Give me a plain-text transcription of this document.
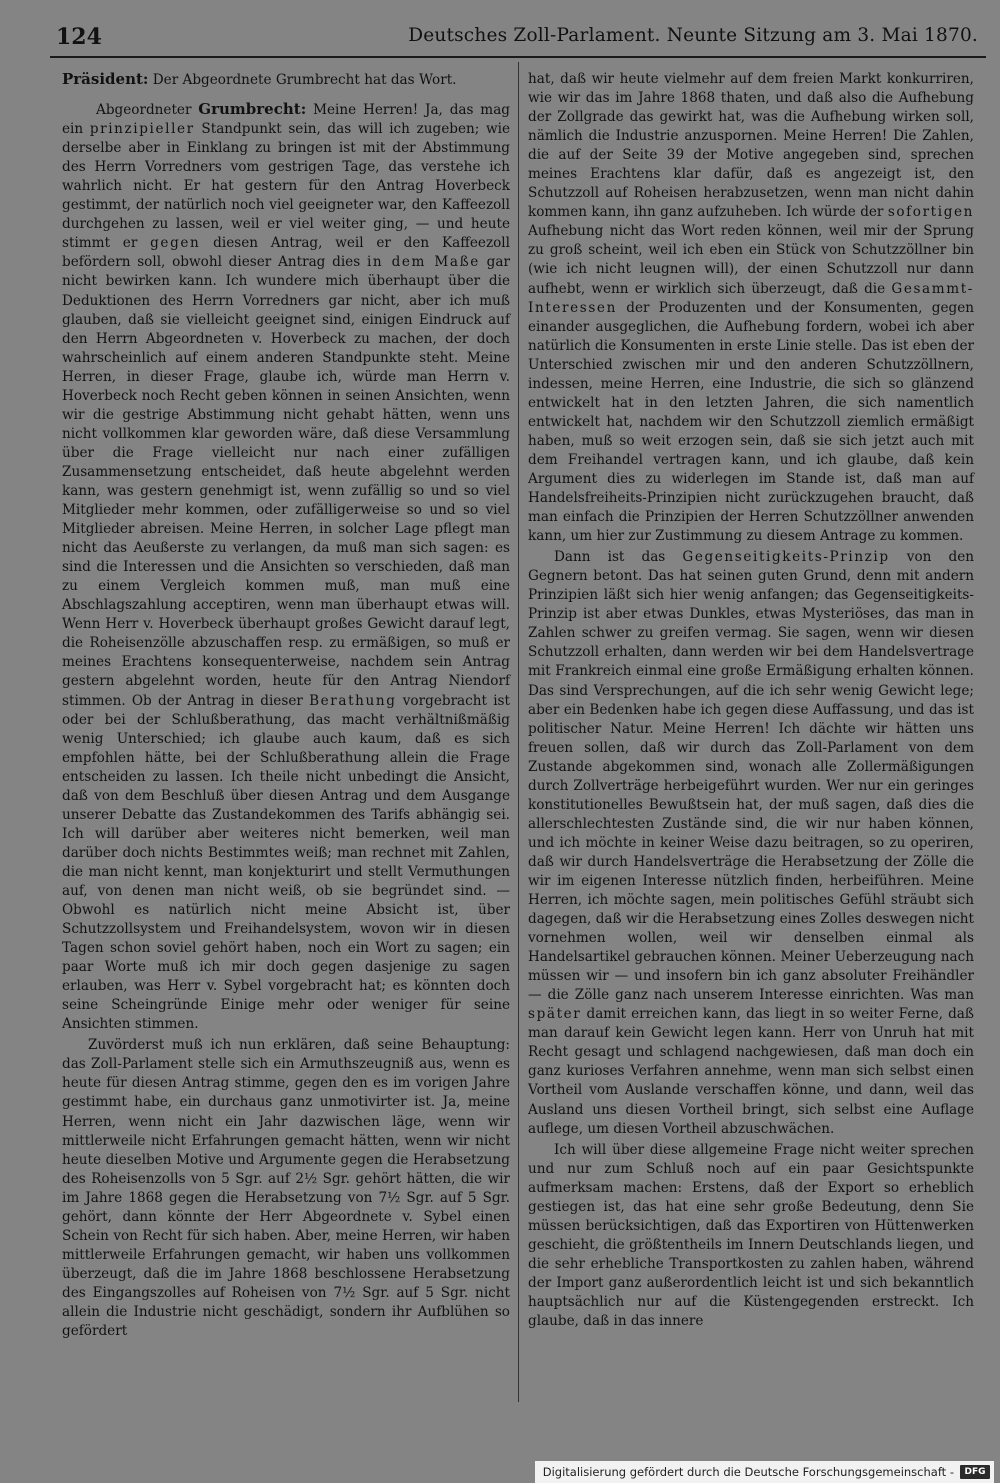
124	Deutsches Zoll-Parlament. Neunte Sitzung am 3. Mai 1870.

Präsident: Der Abgeordnete Grumbrecht hat das Wort.

Abgeordneter Grumbrecht: Meine Herren! Ja, das mag ein prinzipieller Standpunkt sein, das will ich zugeben; wie derselbe aber in Einklang zu bringen ist mit der Abstimmung des Herrn Vorredners vom gestrigen Tage, das verstehe ich wahrlich nicht. Er hat gestern für den Antrag Hoverbeck gestimmt, der natürlich noch viel geeigneter war, den Kaffeezoll durchgehen zu lassen, weil er viel weiter ging, — und heute stimmt er gegen diesen Antrag, weil er den Kaffeezoll befördern soll, obwohl dieser Antrag dies in dem Maße gar nicht bewirken kann. Ich wundere mich überhaupt über die Deduktionen des Herrn Vorredners gar nicht, aber ich muß glauben, daß sie vielleicht geeignet sind, einigen Eindruck auf den Herrn Abgeordneten v. Hoverbeck zu machen, der doch wahrscheinlich auf einem anderen Standpunkte steht. Meine Herren, in dieser Frage, glaube ich, würde man Herrn v. Hoverbeck noch Recht geben können in seinen Ansichten, wenn wir die gestrige Abstimmung nicht gehabt hätten, wenn uns nicht vollkommen klar geworden wäre, daß diese Versammlung über die Frage vielleicht nur nach einer zufälligen Zusammensetzung entscheidet, daß heute abgelehnt werden kann, was gestern genehmigt ist, wenn zufällig so und so viel Mitglieder mehr kommen, oder zufälligerweise so und so viel Mitglieder abreisen. Meine Herren, in solcher Lage pflegt man nicht das Aeußerste zu verlangen, da muß man sich sagen: es sind die Interessen und die Ansichten so verschieden, daß man zu einem Vergleich kommen muß, man muß eine Abschlagszahlung acceptiren, wenn man überhaupt etwas will. Wenn Herr v. Hoverbeck überhaupt großes Gewicht darauf legt, die Roheisenzölle abzuschaffen resp. zu ermäßigen, so muß er meines Erachtens konsequenterweise, nachdem sein Antrag gestern abgelehnt worden, heute für den Antrag Niendorf stimmen. Ob der Antrag in dieser Berathung vorgebracht ist oder bei der Schlußberathung, das macht verhältnißmäßig wenig Unterschied; ich glaube auch kaum, daß es sich empfohlen hätte, bei der Schlußberathung allein die Frage entscheiden zu lassen. Ich theile nicht unbedingt die Ansicht, daß von dem Beschluß über diesen Antrag und dem Ausgange unserer Debatte das Zustandekommen des Tarifs abhängig sei. Ich will darüber aber weiteres nicht bemerken, weil man darüber doch nichts Bestimmtes weiß; man rechnet mit Zahlen, die man nicht kennt, man konjekturirt und stellt Vermuthungen auf, von denen man nicht weiß, ob sie begründet sind. — Obwohl es natürlich nicht meine Absicht ist, über Schutzzollsystem und Freihandelsystem, wovon wir in diesen Tagen schon soviel gehört haben, noch ein Wort zu sagen; ein paar Worte muß ich mir doch gegen dasjenige zu sagen erlauben, was Herr v. Sybel vorgebracht hat; es könnten doch seine Scheingründe Einige mehr oder weniger für seine Ansichten stimmen.

Zuvörderst muß ich nun erklären, daß seine Behauptung: das Zoll-Parlament stelle sich ein Armuthszeugniß aus, wenn es heute für diesen Antrag stimme, gegen den es im vorigen Jahre gestimmt habe, ein durchaus ganz unmotivirter ist. Ja, meine Herren, wenn nicht ein Jahr dazwischen läge, wenn wir mittlerweile nicht Erfahrungen gemacht hätten, wenn wir nicht heute dieselben Motive und Argumente gegen die Herabsetzung des Roheisenzolls von 5 Sgr. auf 2½ Sgr. gehört hätten, die wir im Jahre 1868 gegen die Herabsetzung von 7½ Sgr. auf 5 Sgr. gehört, dann könnte der Herr Abgeordnete v. Sybel einen Schein von Recht für sich haben. Aber, meine Herren, wir haben mittlerweile Erfahrungen gemacht, wir haben uns vollkommen überzeugt, daß die im Jahre 1868 beschlossene Herabsetzung des Eingangszolles auf Roheisen von 7½ Sgr. auf 5 Sgr. nicht allein die Industrie nicht geschädigt, sondern ihr Aufblühen so gefördert

hat, daß wir heute vielmehr auf dem freien Markt konkurriren, wie wir das im Jahre 1868 thaten, und daß also die Aufhebung der Zollgrade das gewirkt hat, was die Aufhebung wirken soll, nämlich die Industrie anzuspornen. Meine Herren! Die Zahlen, die auf der Seite 39 der Motive angegeben sind, sprechen meines Erachtens klar dafür, daß es angezeigt ist, den Schutzzoll auf Roheisen herabzusetzen, wenn man nicht dahin kommen kann, ihn ganz aufzuheben. Ich würde der sofortigen Aufhebung nicht das Wort reden können, weil mir der Sprung zu groß scheint, weil ich eben ein Stück von Schutzzöllner bin (wie ich nicht leugnen will), der einen Schutzzoll nur dann aufhebt, wenn er wirklich sich überzeugt, daß die Gesammt-Interessen der Produzenten und der Konsumenten, gegen einander ausgeglichen, die Aufhebung fordern, wobei ich aber natürlich die Konsumenten in erste Linie stelle. Das ist eben der Unterschied zwischen mir und den anderen Schutzzöllnern, indessen, meine Herren, eine Industrie, die sich so glänzend entwickelt hat in den letzten Jahren, die sich namentlich entwickelt hat, nachdem wir den Schutzzoll ziemlich ermäßigt haben, muß so weit erzogen sein, daß sie sich jetzt auch mit dem Freihandel vertragen kann, und ich glaube, daß kein Argument dies zu widerlegen im Stande ist, daß man auf Handelsfreiheits-Prinzipien nicht zurückzugehen braucht, daß man einfach die Prinzipien der Herren Schutzzöllner anwenden kann, um hier zur Zustimmung zu diesem Antrage zu kommen.

Dann ist das Gegenseitigkeits-Prinzip von den Gegnern betont. Das hat seinen guten Grund, denn mit andern Prinzipien läßt sich hier wenig anfangen; das Gegenseitigkeits-Prinzip ist aber etwas Dunkles, etwas Mysteriöses, das man in Zahlen schwer zu greifen vermag. Sie sagen, wenn wir diesen Schutzzoll erhalten, dann werden wir bei dem Handelsvertrage mit Frankreich einmal eine große Ermäßigung erhalten können. Das sind Versprechungen, auf die ich sehr wenig Gewicht lege; aber ein Bedenken habe ich gegen diese Auffassung, und das ist politischer Natur. Meine Herren! Ich dächte wir hätten uns freuen sollen, daß wir durch das Zoll-Parlament von dem Zustande abgekommen sind, wonach alle Zollermäßigungen durch Zollverträge herbeigeführt wurden. Wer nur ein geringes konstitutionelles Bewußtsein hat, der muß sagen, daß dies die allerschlechtesten Zustände sind, die wir nur haben können, und ich möchte in keiner Weise dazu beitragen, so zu operiren, daß wir durch Handelsverträge die Herabsetzung der Zölle die wir im eigenen Interesse nützlich finden, herbeiführen. Meine Herren, ich möchte sagen, mein politisches Gefühl sträubt sich dagegen, daß wir die Herabsetzung eines Zolles deswegen nicht vornehmen wollen, weil wir denselben einmal als Handelsartikel gebrauchen können. Meiner Ueberzeugung nach müssen wir — und insofern bin ich ganz absoluter Freihändler — die Zölle ganz nach unserem Interesse einrichten. Was man später damit erreichen kann, das liegt in so weiter Ferne, daß man darauf kein Gewicht legen kann. Herr von Unruh hat mit Recht gesagt und schlagend nachgewiesen, daß man doch ein ganz kurioses Verfahren annehme, wenn man sich selbst einen Vortheil vom Auslande verschaffen könne, und dann, weil das Ausland uns diesen Vortheil bringt, sich selbst eine Auflage auflege, um diesen Vortheil abzuschwächen.

Ich will über diese allgemeine Frage nicht weiter sprechen und nur zum Schluß noch auf ein paar Gesichtspunkte aufmerksam machen: Erstens, daß der Export so erheblich gestiegen ist, das hat eine sehr große Bedeutung, denn Sie müssen berücksichtigen, daß das Exportiren von Hüttenwerken geschieht, die größtentheils im Innern Deutschlands liegen, und die sehr erhebliche Transportkosten zu zahlen haben, während der Import ganz außerordentlich leicht ist und sich bekanntlich hauptsächlich nur auf die Küstengegenden erstreckt. Ich glaube, daß in das innere

Digitalisierung gefördert durch die Deutsche Forschungsgemeinschaft -	DFG
